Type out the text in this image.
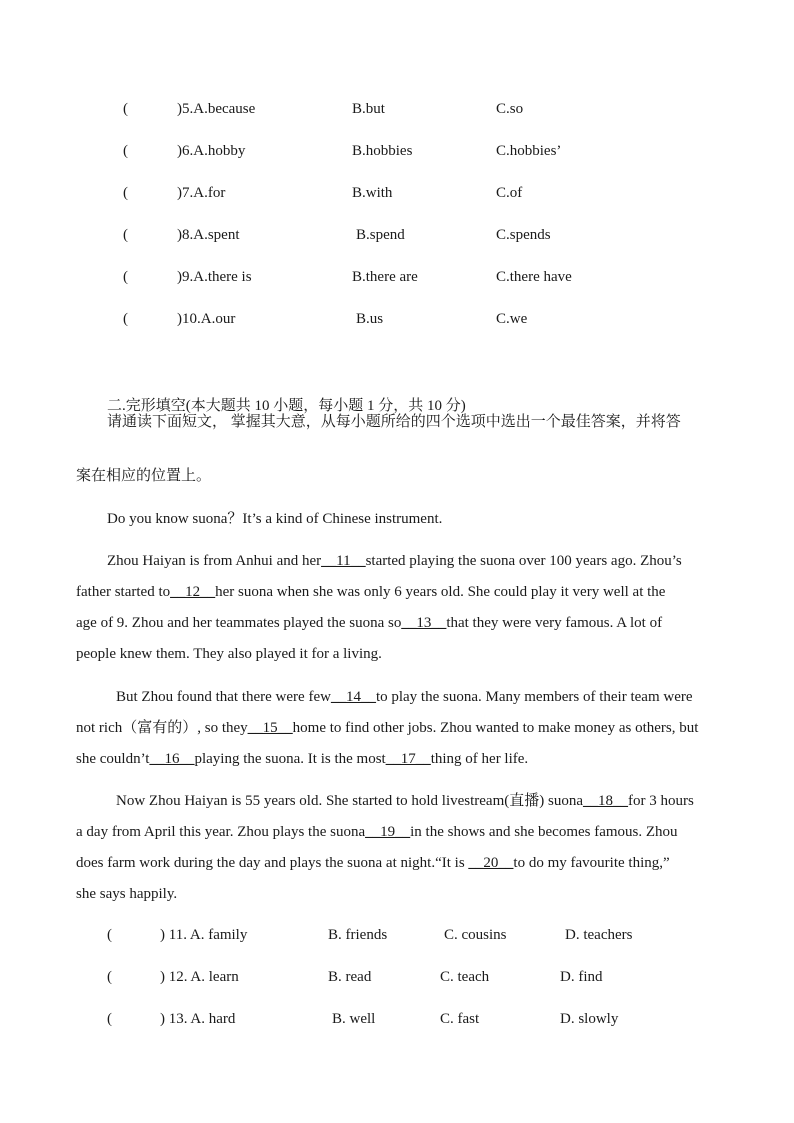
(	)5.A.because	B.but	C.so
(	)6.A.hobby	B.hobbies	C.hobbies’
(	)7.A.for	B.with	C.of
(	)8.A.spent	B.spend	C.spends
(	)9.A.there is	B.there are	C.there have
(	)10.A.our	B.us	C.we
二.完形填空(本大题共 10 小题，每小题 1 分，共 10 分)
请通读下面短文， 掌握其大意，从每小题所给的四个选项中选出一个最佳答案，并将答
案在相应的位置上。
Do you know suona？It’s a kind of Chinese instrument.
Zhou Haiyan is from Anhui and her__11__started playing the suona over 100 years ago. Zhou’s
father started to__12__her suona when she was only 6 years old. She could play it very well at the
age of 9. Zhou and her teammates played the suona so__13__that they were very famous. A lot of
people knew them. They also played it for a living.
But Zhou found that there were few__14__to play the suona. Many members of their team were
not rich（富有的）, so they__15__home to find other jobs. Zhou wanted to make money as others, but
she couldn’t__16__playing the suona. It is the most__17__thing of her life.
Now Zhou Haiyan is 55 years old. She started to hold livestream(直播) suona__18__for 3 hours
a day from April this year. Zhou plays the suona__19__in the shows and she becomes famous. Zhou
does farm work during the day and plays the suona at night.“It is __20__to do my favourite thing,”
she says happily.
(	) 11. A. family	B. friends	C. cousins	D. teachers
(	) 12. A. learn	B. read	C. teach	D. find
(	) 13. A. hard	B. well	C. fast	D. slowly
